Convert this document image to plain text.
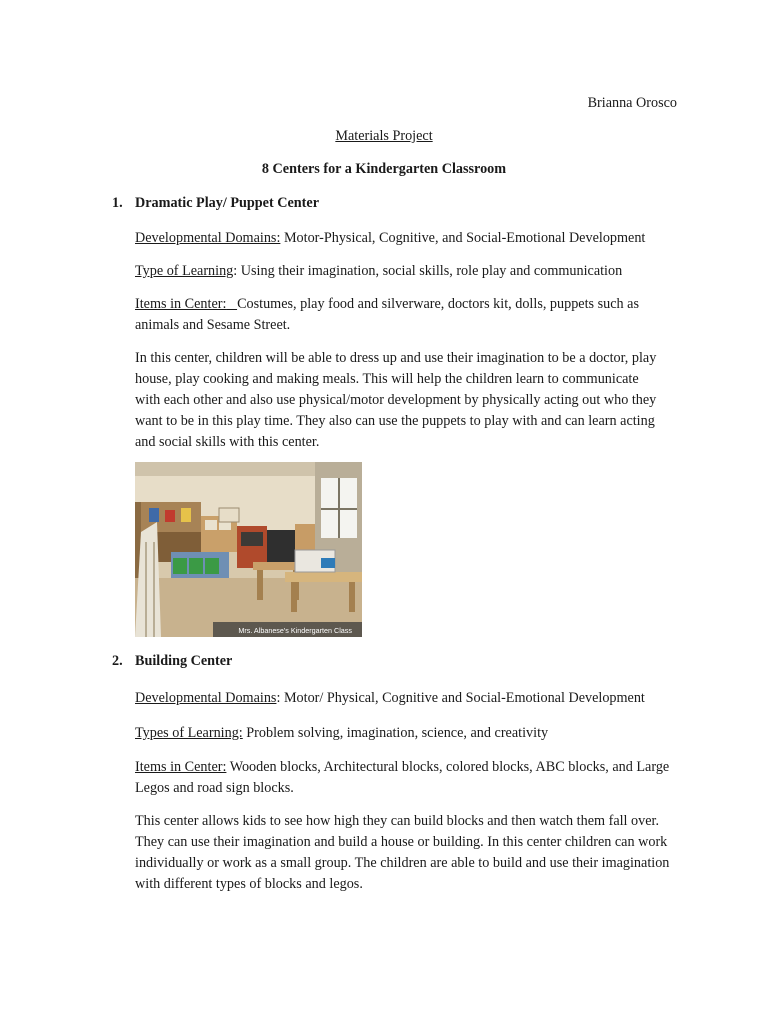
Brianna Orosco
Materials Project
8 Centers for a Kindergarten Classroom
1. Dramatic Play/ Puppet Center
Developmental Domains: Motor-Physical, Cognitive, and Social-Emotional Development
Type of Learning: Using their imagination, social skills, role play and communication
Items in Center: Costumes, play food and silverware, doctors kit, dolls, puppets such as animals and Sesame Street.
In this center, children will be able to dress up and use their imagination to be a doctor, play house, play cooking and making meals. This will help the children learn to communicate with each other and also use physical/motor development by physically acting out who they want to be in this play time. They also can use the puppets to play with and can learn acting and social skills with this center.
Mrs. Albanese's Kindergarten Class
2. Building Center
Developmental Domains: Motor/ Physical, Cognitive and Social-Emotional Development
Types of Learning: Problem solving, imagination, science, and creativity
Items in Center: Wooden blocks, Architectural blocks, colored blocks, ABC blocks, and Large Legos and road sign blocks.
This center allows kids to see how high they can build blocks and then watch them fall over. They can use their imagination and build a house or building. In this center children can work individually or work as a small group. The children are able to build and use their imagination with different types of blocks and legos.
